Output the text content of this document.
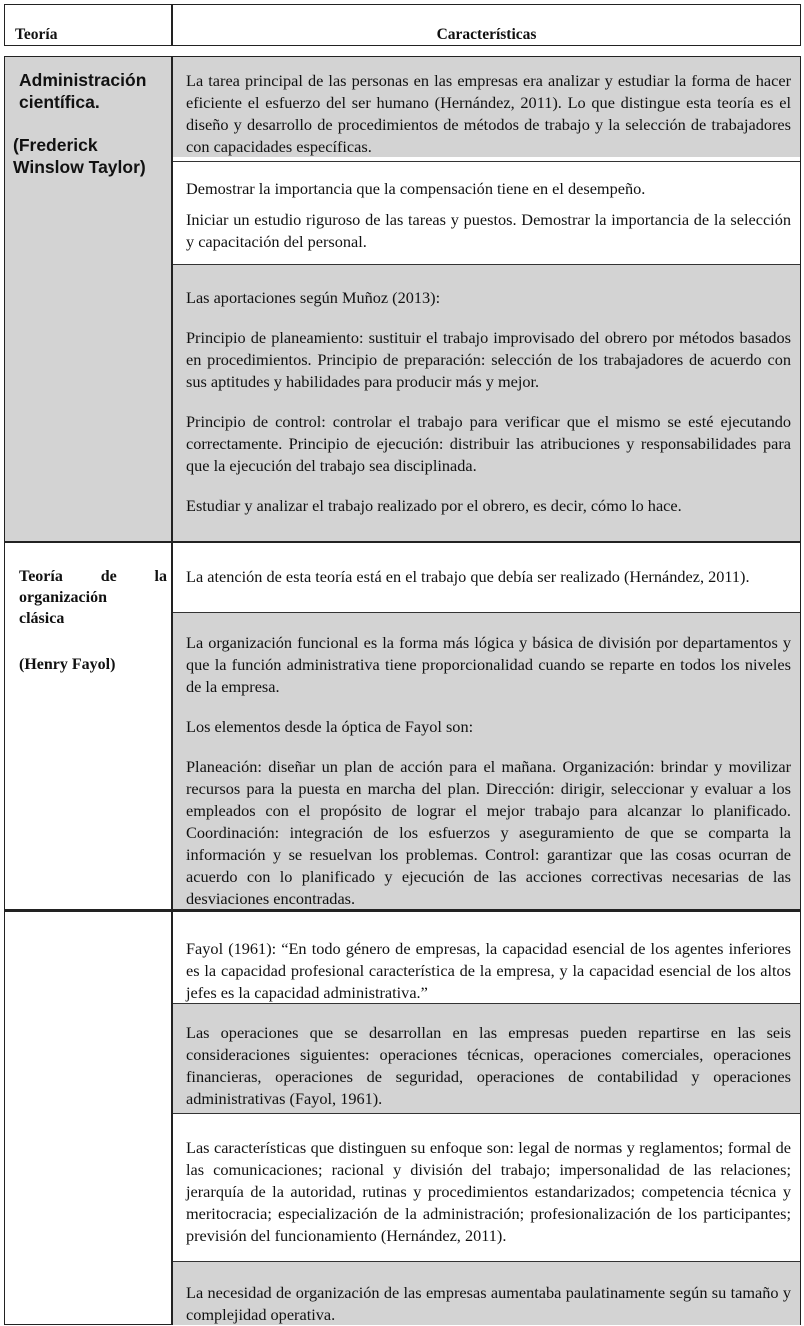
Teoría	Características
Administración científica.
(Frederick Winslow Taylor)

La tarea principal de las personas en las empresas era analizar y estudiar la forma de hacer eficiente el esfuerzo del ser humano (Hernández, 2011). Lo que distingue esta teoría es el diseño y desarrollo de procedimientos de métodos de trabajo y la selección de trabajadores con capacidades específicas.

Demostrar la importancia que la compensación tiene en el desempeño.

Iniciar un estudio riguroso de las tareas y puestos. Demostrar la importancia de la selección y capacitación del personal.

Las aportaciones según Muñoz (2013):

Principio de planeamiento: sustituir el trabajo improvisado del obrero por métodos basados en procedimientos. Principio de preparación: selección de los trabajadores de acuerdo con sus aptitudes y habilidades para producir más y mejor.

Principio de control: controlar el trabajo para verificar que el mismo se esté ejecutando correctamente. Principio de ejecución: distribuir las atribuciones y responsabilidades para que la ejecución del trabajo sea disciplinada.

Estudiar y analizar el trabajo realizado por el obrero, es decir, cómo lo hace.

Teoría de la
organización
clásica
(Henry Fayol)

La atención de esta teoría está en el trabajo que debía ser realizado (Hernández, 2011).

La organización funcional es la forma más lógica y básica de división por departamentos y que la función administrativa tiene proporcionalidad cuando se reparte en todos los niveles de la empresa.

Los elementos desde la óptica de Fayol son:

Planeación: diseñar un plan de acción para el mañana. Organización: brindar y movilizar recursos para la puesta en marcha del plan. Dirección: dirigir, seleccionar y evaluar a los empleados con el propósito de lograr el mejor trabajo para alcanzar lo planificado. Coordinación: integración de los esfuerzos y aseguramiento de que se comparta la información y se resuelvan los problemas. Control: garantizar que las cosas ocurran de acuerdo con lo planificado y ejecución de las acciones correctivas necesarias de las desviaciones encontradas.

Fayol (1961): “En todo género de empresas, la capacidad esencial de los agentes inferiores es la capacidad profesional característica de la empresa, y la capacidad esencial de los altos jefes es la capacidad administrativa.”

Las operaciones que se desarrollan en las empresas pueden repartirse en las seis consideraciones siguientes: operaciones técnicas, operaciones comerciales, operaciones financieras, operaciones de seguridad, operaciones de contabilidad y operaciones administrativas (Fayol, 1961).

Las características que distinguen su enfoque son: legal de normas y reglamentos; formal de las comunicaciones; racional y división del trabajo; impersonalidad de las relaciones; jerarquía de la autoridad, rutinas y procedimientos estandarizados; competencia técnica y meritocracia; especialización de la administración; profesionalización de los participantes; previsión del funcionamiento (Hernández, 2011).

La necesidad de organización de las empresas aumentaba paulatinamente según su tamaño y complejidad operativa.
